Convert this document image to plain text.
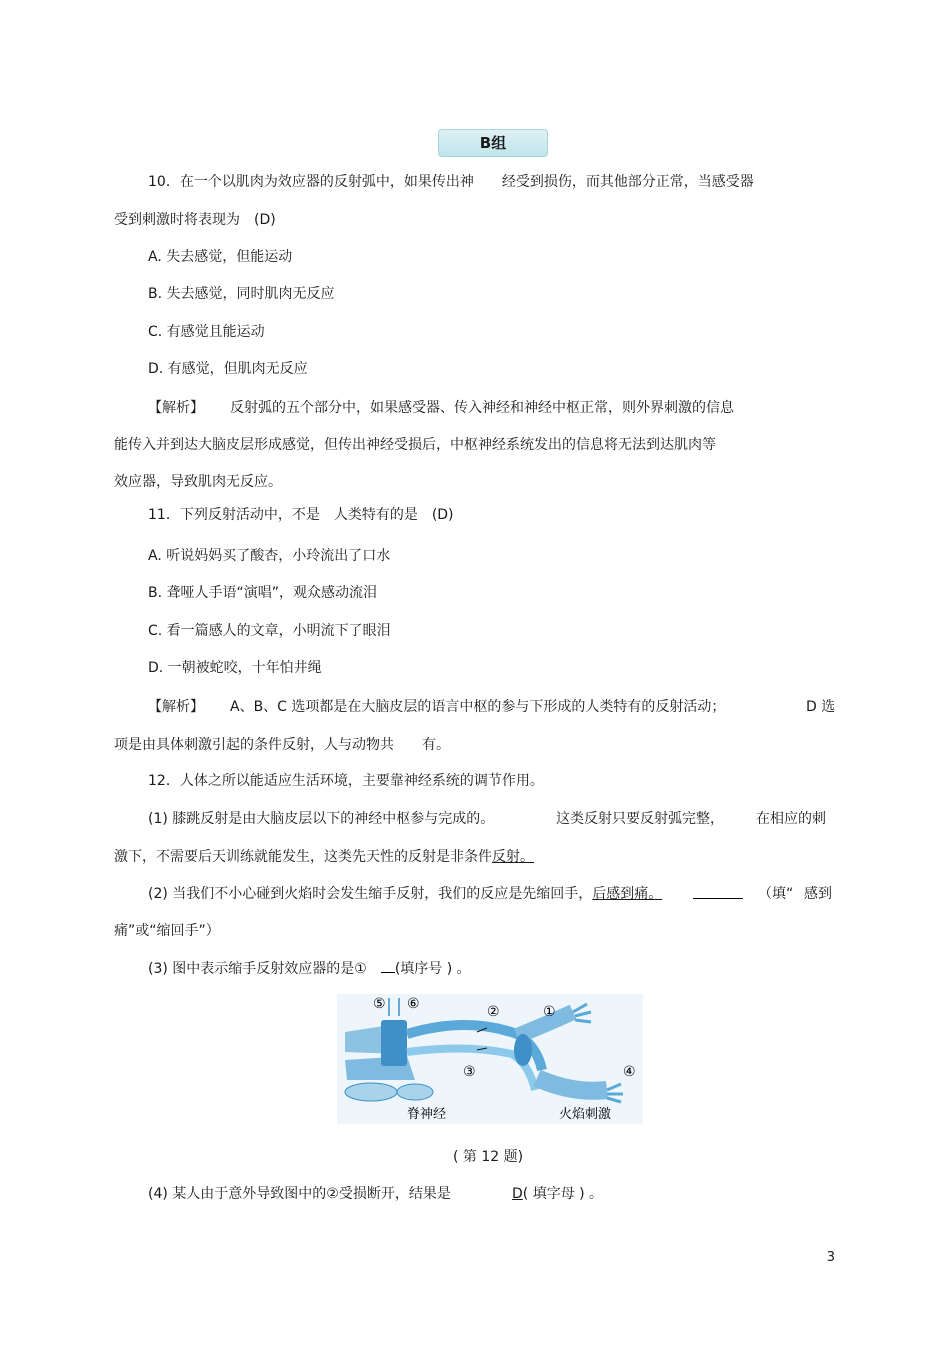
B组
10．在一个以肌肉为效应器的反射弧中，如果传出神　　经受到损伤，而其他部分正常，当感受器
受到刺激时将表现为　(D)
A. 失去感觉，但能运动
B. 失去感觉，同时肌肉无反应
C. 有感觉且能运动
D. 有感觉，但肌肉无反应
【解析】 反射弧的五个部分中，如果感受器、传入神经和神经中枢正常，则外界刺激的信息
能传入并到达大脑皮层形成感觉，但传出神经受损后，中枢神经系统发出的信息将无法到达肌肉等
效应器，导致肌肉无反应。
11．下列反射活动中，不是　人类特有的是　(D)
A. 听说妈妈买了酸杏，小玲流出了口水
B. 聋哑人手语“演唱”，观众感动流泪
C. 看一篇感人的文章，小明流下了眼泪
D. 一朝被蛇咬，十年怕井绳
【解析】 A、B、C 选项都是在大脑皮层的语言中枢的参与下形成的人类特有的反射活动；	D 选
项是由具体刺激引起的条件反射，人与动物共　　有。
12．人体之所以能适应生活环境，主要靠神经系统的调节作用。
(1) 膝跳反射是由大脑皮层以下的神经中枢参与完成的。	这类反射只要反射弧完整， 在相应的刺
激下，不需要后天训练就能发生，这类先天性的反射是非条件反射。
(2) 当我们不小心碰到火焰时会发生缩手反射，我们的反应是先缩回手，后感到痛。	（填“ 感到
痛”或“缩回手”）
(3) 图中表示缩手反射效应器的是①　(填序号 ) 。
⑤ ⑥	②	①
③	④
脊神经	火焰刺激
( 第 12 题)
(4) 某人由于意外导致图中的②受损断开，结果是	D( 填字母 ) 。
3
